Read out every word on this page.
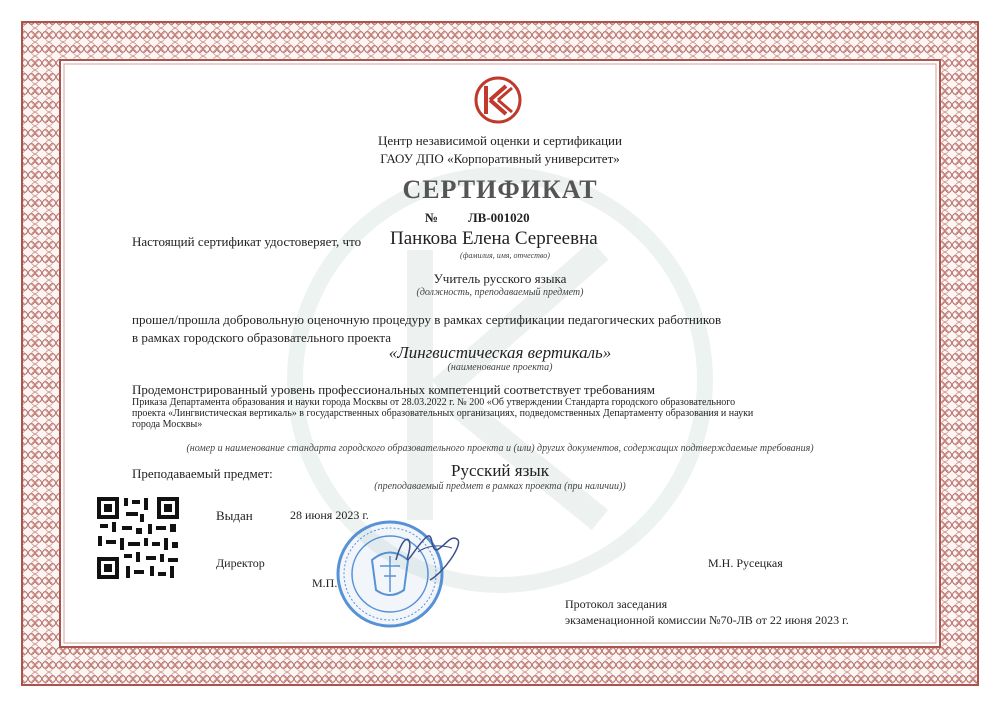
Центр независимой оценки и сертификации
ГАОУ ДПО «Корпоративный университет»
СЕРТИФИКАТ
№ ЛВ-001020
Настоящий сертификат удостоверяет, что Панкова Елена Сергеевна
(фамилия, имя, отчество)
Учитель русского языка
(должность, преподаваемый предмет)
прошел/прошла добровольную оценочную процедуру в рамках сертификации педагогических работников
в рамках городского образовательного проекта
«Лингвистическая вертикаль»
(наименование проекта)
Продемонстрированный уровень профессиональных компетенций соответствует требованиям
Приказа Департамента образования и науки города Москвы от 28.03.2022 г. № 200 «Об утверждении Стандарта городского образовательного
проекта «Лингвистическая вертикаль» в государственных образовательных организациях, подведомственных Департаменту образования и науки
города Москвы»
(номер и наименование стандарта городского образовательного проекта и (или) других документов, содержащих подтверждаемые требования)
Преподаваемый предмет:	Русский язык
(преподаваемый предмет в рамках проекта (при наличии))
Выдан	28 июня 2023 г.
Директор	М.Н. Русецкая
М.П.
Протокол заседания
экзаменационной комиссии №70-ЛВ от 22 июня 2023 г.
